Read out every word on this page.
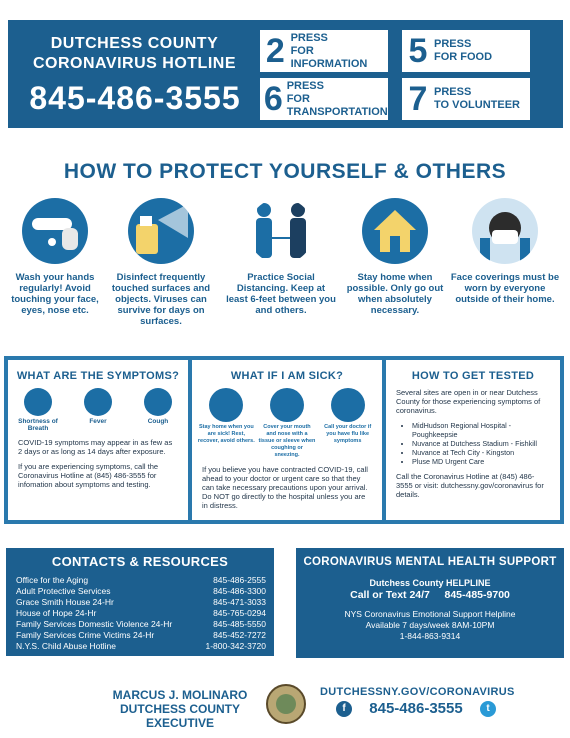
DUTCHESS COUNTY
CORONAVIRUS HOTLINE
845-486-3555
2 PRESS
FOR INFORMATION	5 PRESS
FOR FOOD
6 PRESS
FOR TRANSPORTATION 7 PRESS
TO VOLUNTEER
HOW TO PROTECT YOURSELF & OTHERS
Wash your hands regularly! Avoid touching your face, eyes, nose etc.
Disinfect frequently touched surfaces and objects. Viruses can survive for days on surfaces.
Practice Social Distancing. Keep at least 6-feet between you and others.
Stay home when possible. Only go out when absolutely necessary.
Face coverings must be worn by everyone outside of their home.
WHAT ARE THE SYMPTOMS?
Shortness of Breath
Fever	Cough
COVID-19 symptoms may appear in as few as 2 days or as long as 14 days after exposure.
If you are experiencing symptoms, call the Coronavirus Hotline at (845) 486-3555 for infomation about symptoms and testing.
WHAT IF I AM SICK?
Stay home when you are sick! Rest, recover, avoid others.
Cover your mouth and nose with a tissue or sleeve when coughing or sneezing.
Call your doctor if you have flu like symptoms
If you believe you have contracted COVID-19, call ahead to your doctor or urgent care so that they can take necessary precautions upon your arrival. Do NOT go directly to the hospital unless you are in distress.
HOW TO GET TESTED
Several sites are open in or near Dutchess County for those experiencing symptoms of coronavirus.
• MidHudson Regional Hospital - Poughkeepsie
• Nuvance at Dutchess Stadium - Fishkill
• Nuvance at Tech City - Kingston
• Pluse MD Urgent Care
Call the Coronavirus Hotline at (845) 486-3555 or visit: dutchessny.gov/coronavirus for details.
CONTACTS & RESOURCES
Office for the Aging	845-486-2555
Adult Protective Services	845-486-3300
Grace Smith House 24-Hr	845-471-3033
House of Hope 24-Hr	845-765-0294
Family Services Domestic Violence 24-Hr	845-485-5550
Family Services Crime Victims 24-Hr	845-452-7272
N.Y.S. Child Abuse Hotline	1-800-342-3720
CORONAVIRUS MENTAL HEALTH SUPPORT
Dutchess County HELPLINE
Call or Text 24/7 845-485-9700
NYS Coronavirus Emotional Support Helpline
Available 7 days/week 8AM-10PM
1-844-863-9314
MARCUS J. MOLINARO
DUTCHESS COUNTY EXECUTIVE
DUTCHESSNY.GOV/CORONAVIRUS
f	845-486-3555	t
